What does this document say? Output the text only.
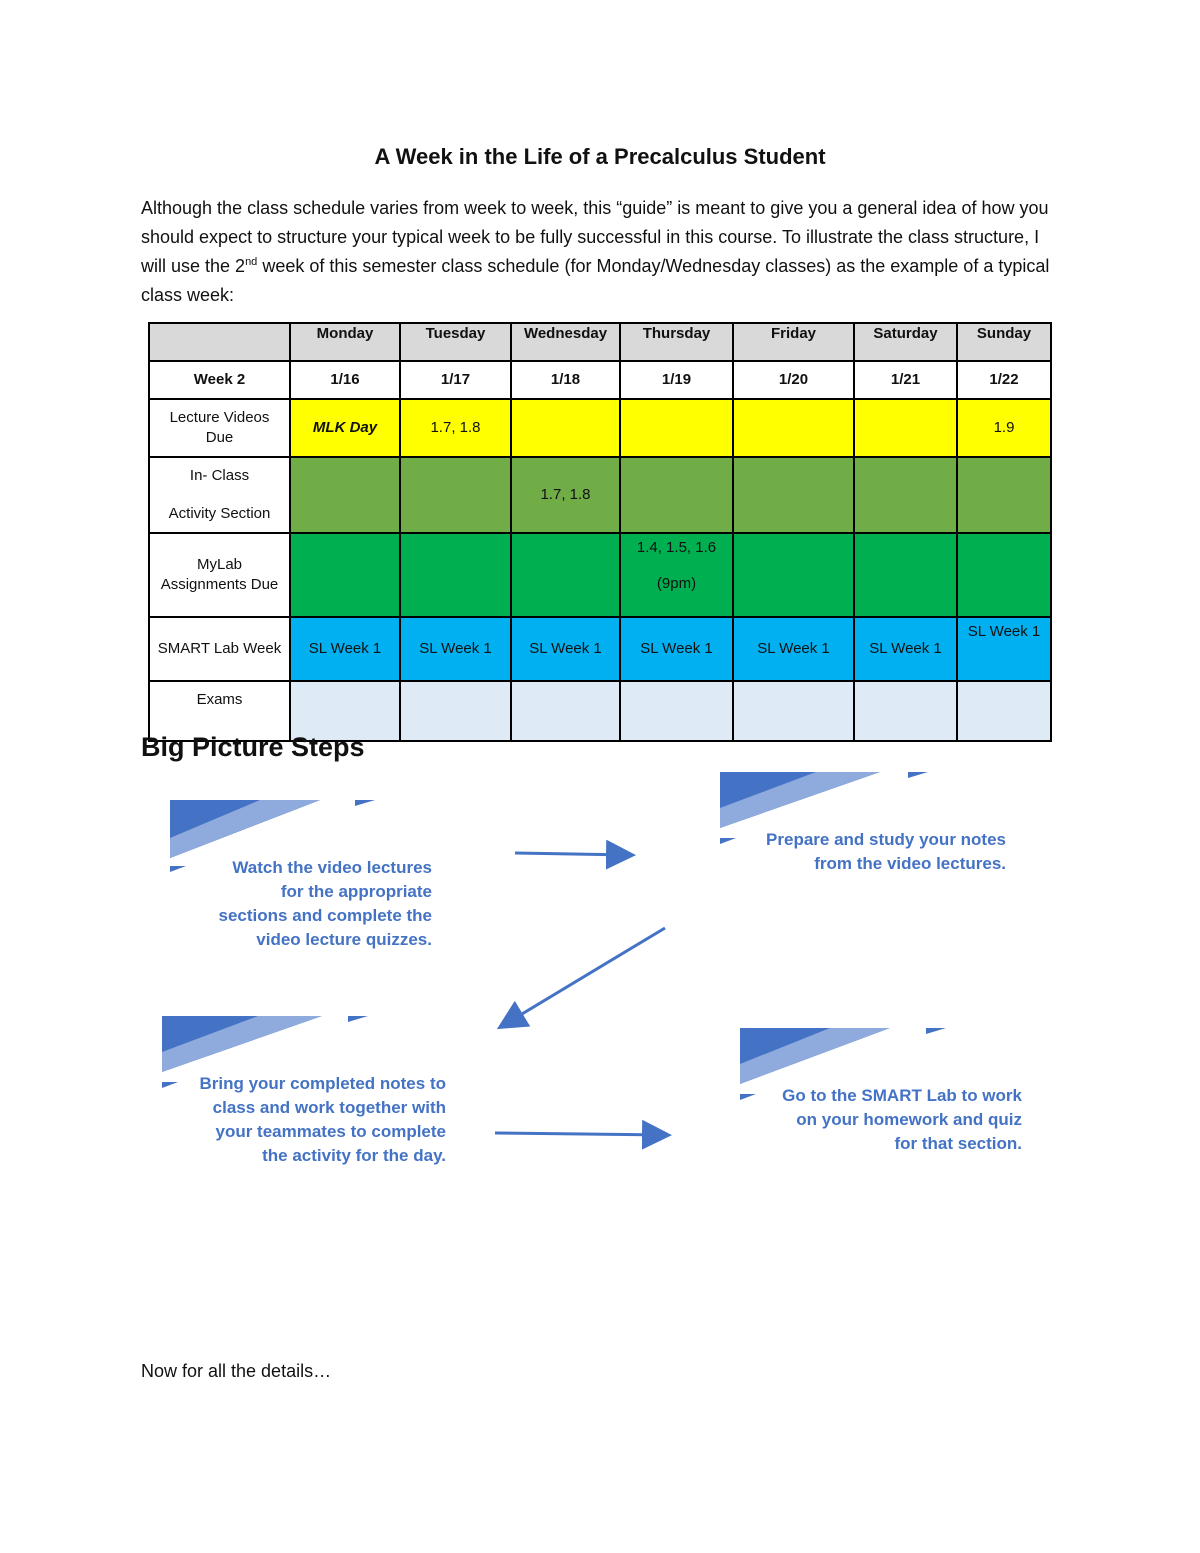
A Week in the Life of a Precalculus Student
Although the class schedule varies from week to week, this “guide” is meant to give you a general idea of how you should expect to structure your typical week to be fully successful in this course. To illustrate the class structure, I will use the 2nd week of this semester class schedule (for Monday/Wednesday classes) as the example of a typical class week:
	Monday	Tuesday	Wednesday	Thursday	Friday	Saturday	Sunday
Week 2	1/16	1/17	1/18	1/19	1/20	1/21	1/22
Lecture Videos Due	MLK Day	1.7, 1.8					1.9

In- Class
Activity Section			1.7, 1.8				
MyLab Assignments Due				1.4, 1.5, 1.6
(9pm)			

SMART Lab Week	SL Week 1	SL Week 1	SL Week 1	SL Week 1	SL Week 1	SL Week 1	SL Week 1
Exams							
Big Picture Steps
Watch the video lectures for the appropriate sections and complete the video lecture quizzes.
Prepare and study your notes from the video lectures.
Bring your completed notes to class and work together with your teammates to complete the activity for the day.
Go to the SMART Lab to work on your homework and quiz for that section.
Now for all the details…
